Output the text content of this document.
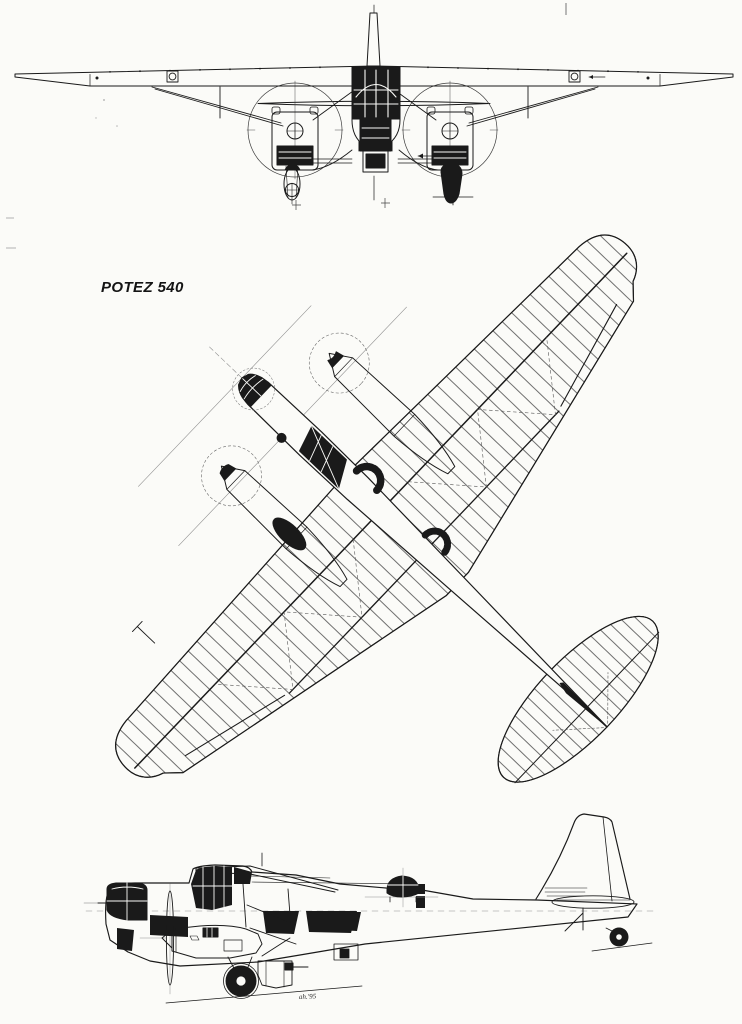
POTEZ 540
ah.'95
